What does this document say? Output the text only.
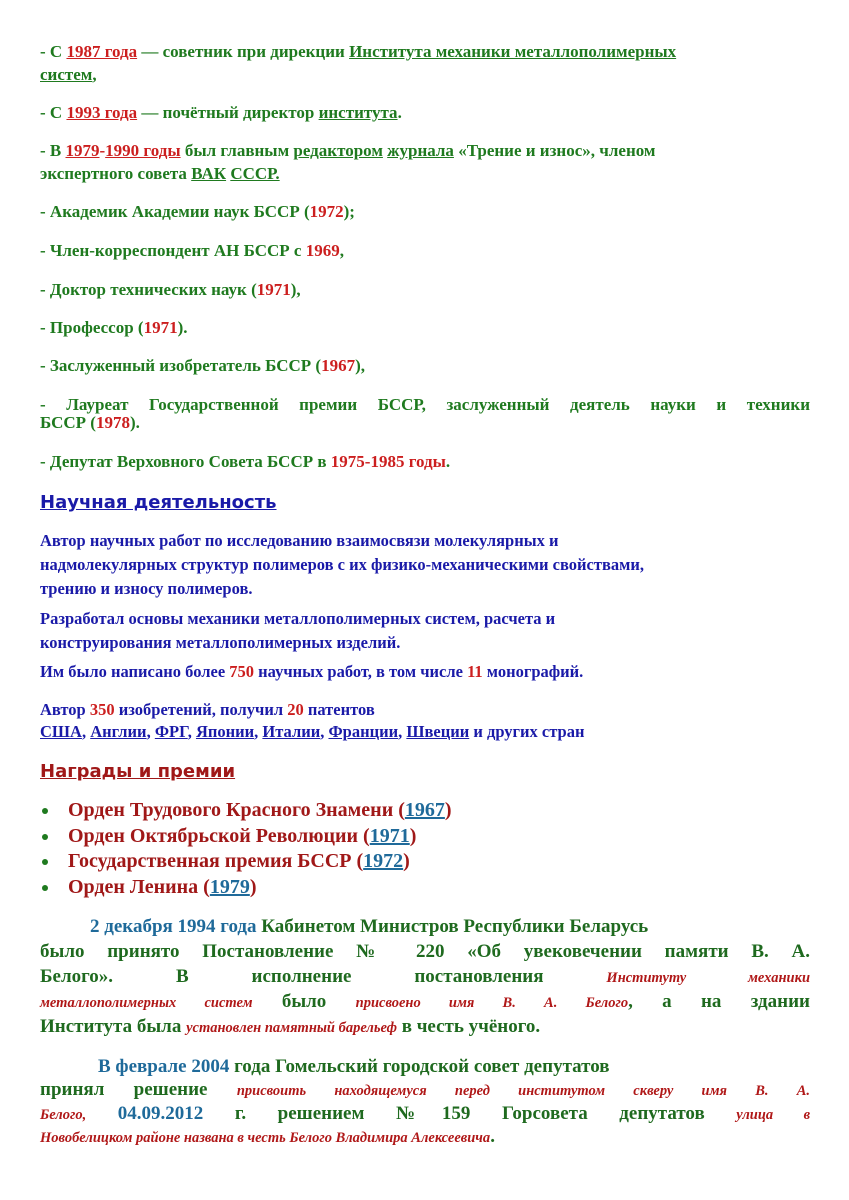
- С 1987 года — советник при дирекции Института механики металлополимерных
систем,
- С 1993 года — почётный директор института.
- В 1979-1990 годы был главным редактором журнала «Трение и износ», членом
экспертного совета ВАК СССР.
- Академик Академии наук БССР (1972);
- Член-корреспондент АН БССР с 1969,
- Доктор технических наук (1971),
- Профессор (1971).
- Заслуженный изобретатель БССР (1967),
- Лауреат Государственной премии БССР, заслуженный деятель науки и техники
БССР (1978).
- Депутат Верховного Совета БССР в 1975-1985 годы.
Научная деятельность
Автор научных работ по исследованию взаимосвязи молекулярных и
надмолекулярных структур полимеров с их физико-механическими свойствами,
трению и износу полимеров.
Разработал основы механики металлополимерных систем, расчета и
конструирования металлополимерных изделий.
Им было написано более 750 научных работ, в том числе 11 монографий.
Автор 350 изобретений, получил 20 патентов
США, Англии, ФРГ, Японии, Италии, Франции, Швеции и других стран
Награды и премии
Орден Трудового Красного Знамени (1967)
Орден Октябрьской Революции (1971)
Государственная премия БССР (1972)
Орден Ленина (1979)
2 декабря 1994 года Кабинетом Министров Республики Беларусь
было принято Постановление № 220 «Об увековечении памяти В. А.
Белого». В исполнение постановления	Институту механики
металлополимерных систем было присвоено имя В. А. Белого, а на здании
Института была установлен памятный барельеф в честь учёного.
В феврале 2004 года Гомельский городской совет депутатов
принял решение присвоить находящемуся перед институтом скверу имя В. А.
Белого, 04.09.2012 г. решением №159 Горсовета депутатов улица в
Новобелицком районе названа в честь Белого Владимира Алексеевича.
